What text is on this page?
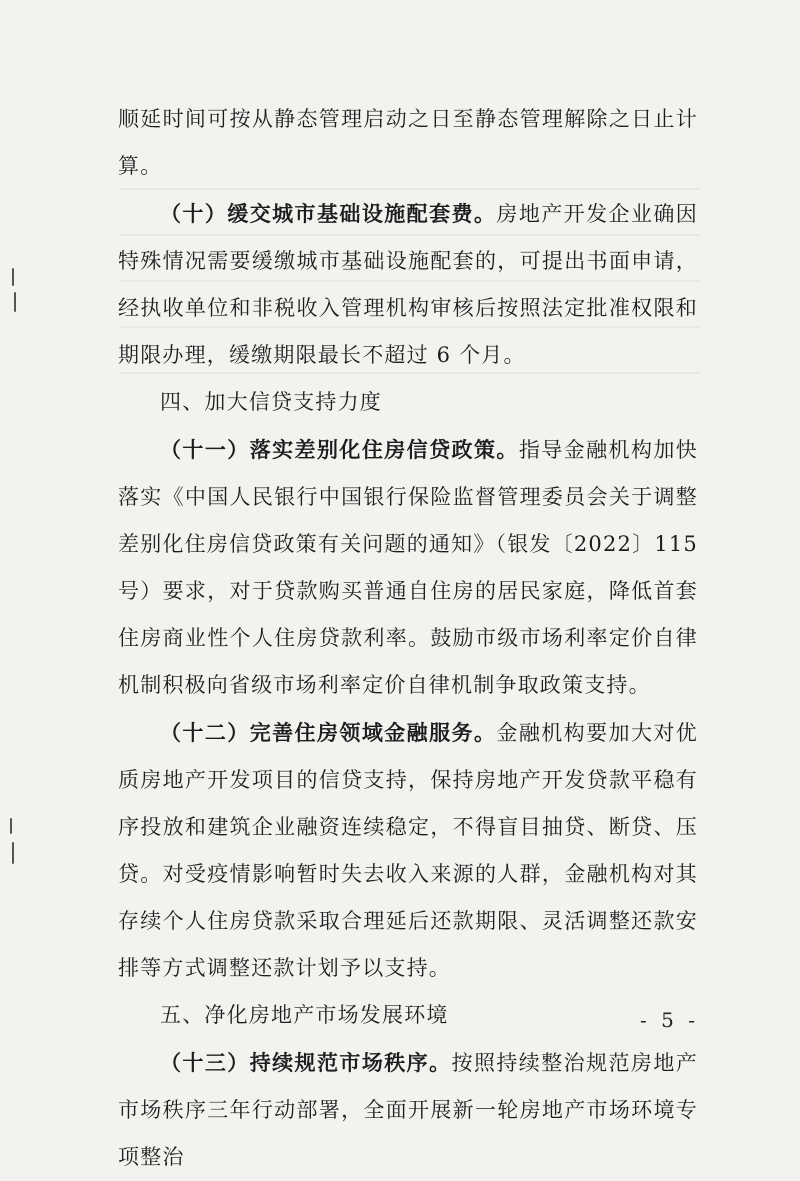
顺延时间可按从静态管理启动之日至静态管理解除之日止计算。

（十）缓交城市基础设施配套费。房地产开发企业确因特殊情况需要缓缴城市基础设施配套的，可提出书面申请，经执收单位和非税收入管理机构审核后按照法定批准权限和期限办理，缓缴期限最长不超过 6 个月。

四、加大信贷支持力度

（十一）落实差别化住房信贷政策。指导金融机构加快落实《中国人民银行中国银行保险监督管理委员会关于调整差别化住房信贷政策有关问题的通知》（银发〔2022〕115 号）要求，对于贷款购买普通自住房的居民家庭，降低首套住房商业性个人住房贷款利率。鼓励市级市场利率定价自律机制积极向省级市场利率定价自律机制争取政策支持。

（十二）完善住房领域金融服务。金融机构要加大对优质房地产开发项目的信贷支持，保持房地产开发贷款平稳有序投放和建筑企业融资连续稳定，不得盲目抽贷、断贷、压贷。对受疫情影响暂时失去收入来源的人群，金融机构对其存续个人住房贷款采取合理延后还款期限、灵活调整还款安排等方式调整还款计划予以支持。

五、净化房地产市场发展环境

（十三）持续规范市场秩序。按照持续整治规范房地产市场秩序三年行动部署，全面开展新一轮房地产市场环境专项整治

- 5 -
